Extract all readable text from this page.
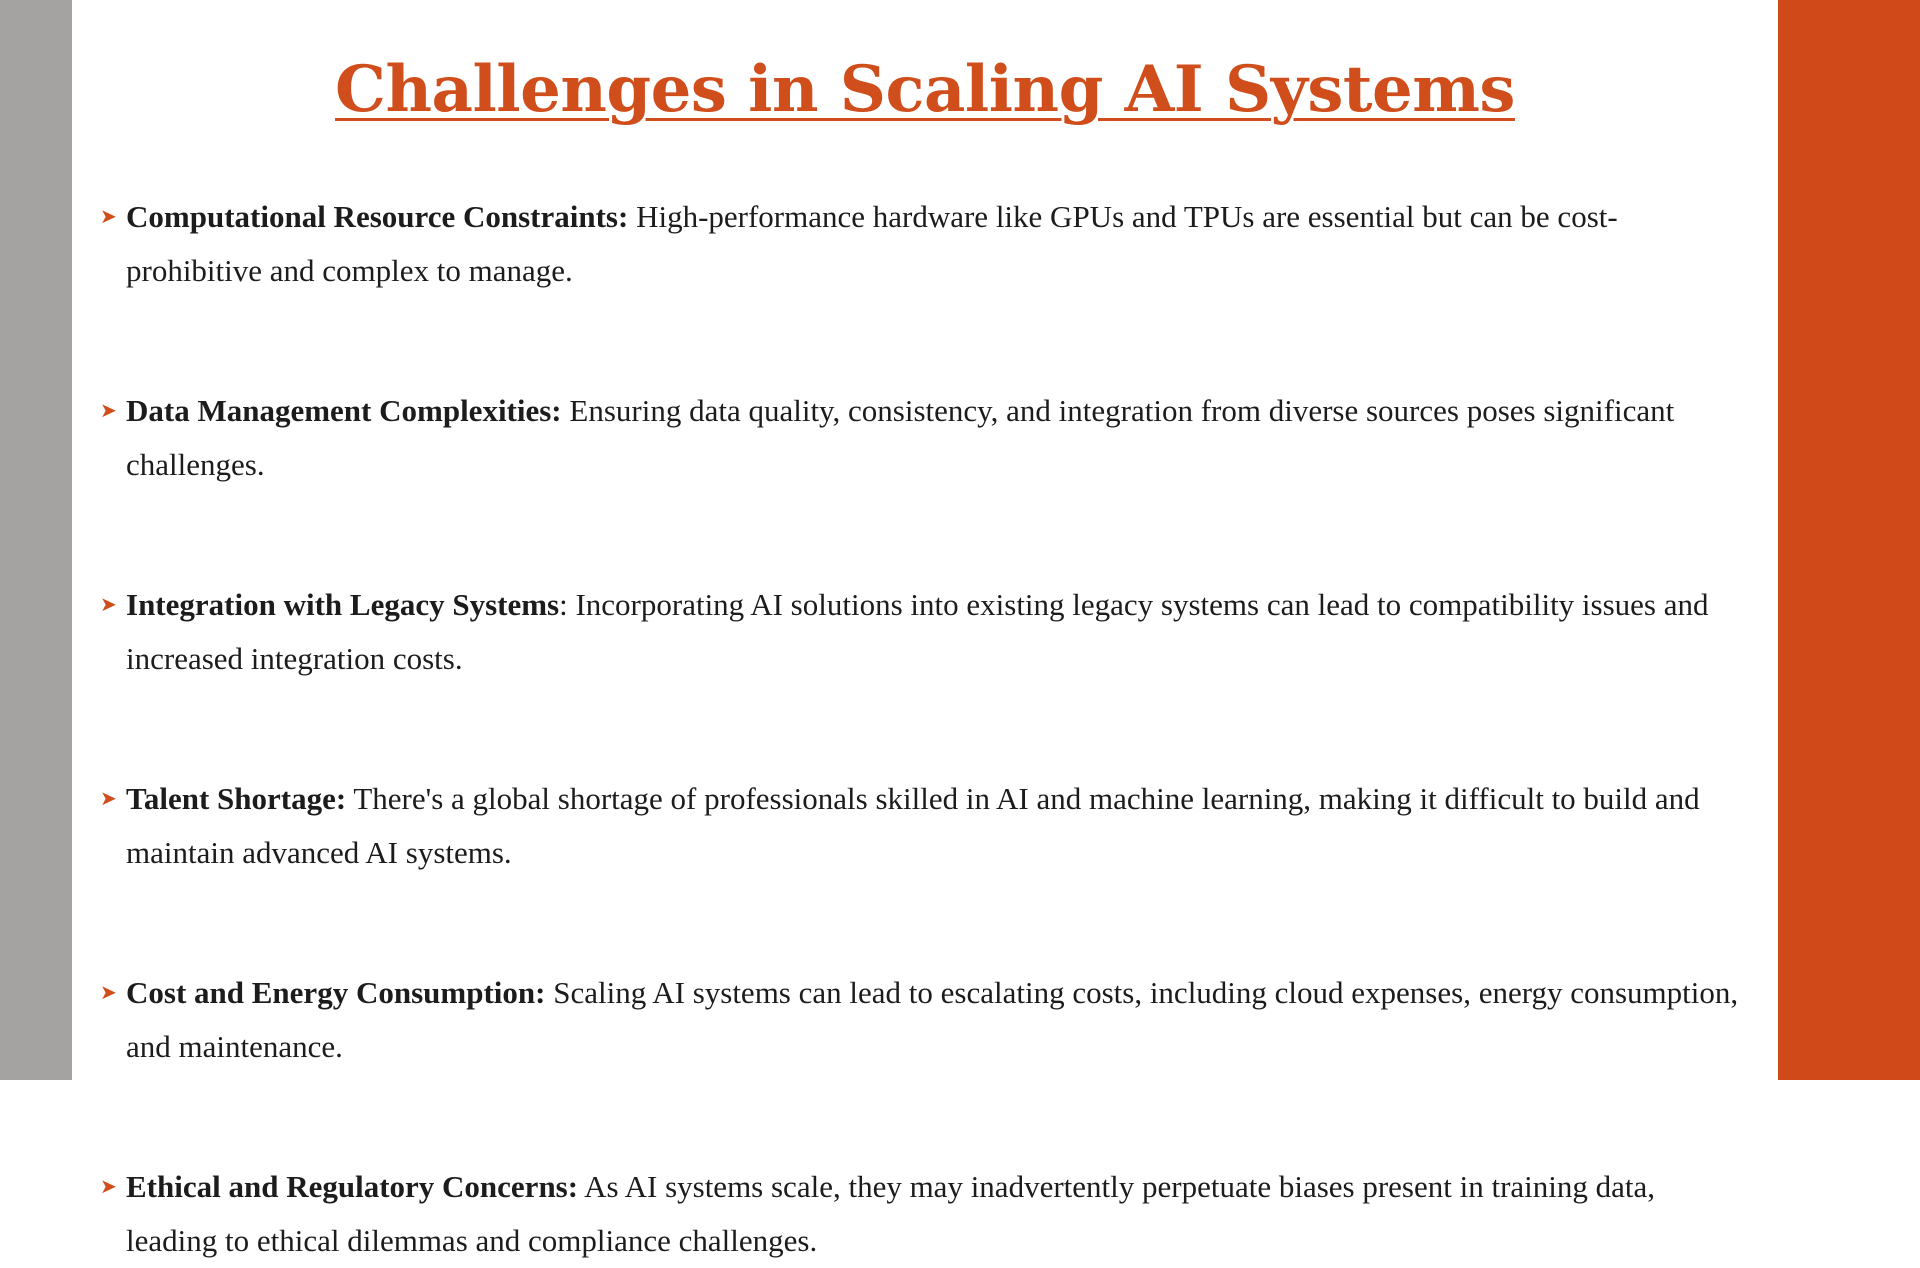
Challenges in Scaling AI Systems
➤ Computational Resource Constraints: High-performance hardware like GPUs and TPUs are essential but can be cost-prohibitive and complex to manage.
➤ Data Management Complexities: Ensuring data quality, consistency, and integration from diverse sources poses significant challenges.
➤ Integration with Legacy Systems: Incorporating AI solutions into existing legacy systems can lead to compatibility issues and increased integration costs.
➤ Talent Shortage: There's a global shortage of professionals skilled in AI and machine learning, making it difficult to build and maintain advanced AI systems.
➤ Cost and Energy Consumption: Scaling AI systems can lead to escalating costs, including cloud expenses, energy consumption, and maintenance.
➤ Ethical and Regulatory Concerns: As AI systems scale, they may inadvertently perpetuate biases present in training data, leading to ethical dilemmas and compliance challenges.
